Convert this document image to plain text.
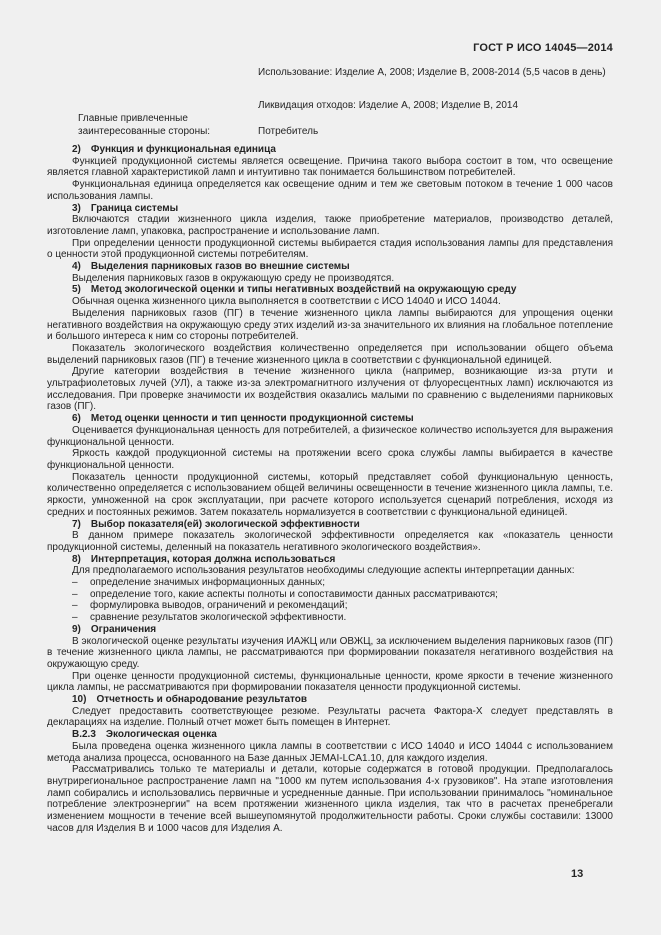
ГОСТ Р ИСО 14045—2014
Использование: Изделие А, 2008; Изделие В, 2008-2014 (5,5 часов в день)
Ликвидация отходов: Изделие А, 2008; Изделие В, 2014
Главные привлеченные заинтересованные стороны:	Потребитель
2) Функция и функциональная единица
Функцией продукционной системы является освещение. Причина такого выбора состоит в том, что освещение является главной характеристикой ламп и интуитивно так понимается большинством потребителей.
Функциональная единица определяется как освещение одним и тем же световым потоком в течение 1 000 часов использования лампы.
3) Граница системы
Включаются стадии жизненного цикла изделия, также приобретение материалов, производство деталей, изготовление ламп, упаковка, распространение и использование ламп.
При определении ценности продукционной системы выбирается стадия использования лампы для представления о ценности этой продукционной системы потребителям.
4) Выделения парниковых газов во внешние системы
Выделения парниковых газов в окружающую среду не производятся.
5) Метод экологической оценки и типы негативных воздействий на окружающую среду
Обычная оценка жизненного цикла выполняется в соответствии с ИСО 14040 и ИСО 14044.
Выделения парниковых газов (ПГ) в течение жизненного цикла лампы выбираются для упрощения оценки негативного воздействия на окружающую среду этих изделий из-за значительного их влияния на глобальное потепление и большого интереса к ним со стороны потребителей.
Показатель экологического воздействия количественно определяется при использовании общего объема выделений парниковых газов (ПГ) в течение жизненного цикла в соответствии с функциональной единицей.
Другие категории воздействия в течение жизненного цикла (например, возникающие из-за ртути и ультрафиолетовых лучей (УЛ), а также из-за электромагнитного излучения от флуоресцентных ламп) исключаются из исследования. При проверке значимости их воздействия оказались малыми по сравнению с выделениями парниковых газов (ПГ).
6) Метод оценки ценности и тип ценности продукционной системы
Оценивается функциональная ценность для потребителей, а физическое количество используется для выражения функциональной ценности.
Яркость каждой продукционной системы на протяжении всего срока службы лампы выбирается в качестве функциональной ценности.
Показатель ценности продукционной системы, который представляет собой функциональную ценность, количественно определяется с использованием общей величины освещенности в течение жизненного цикла лампы, т.е. яркости, умноженной на срок эксплуатации, при расчете которого используется сценарий потребления, исходя из средних и постоянных режимов. Затем показатель нормализуется в соответствии с функциональной единицей.
7) Выбор показателя(ей) экологической эффективности
В данном примере показатель экологической эффективности определяется как «показатель ценности продукционной системы, деленный на показатель негативного экологического воздействия».
8) Интерпретация, которая должна использоваться
Для предполагаемого использования результатов необходимы следующие аспекты интерпретации данных:
– определение значимых информационных данных;
– определение того, какие аспекты полноты и сопоставимости данных рассматриваются;
– формулировка выводов, ограничений и рекомендаций;
– сравнение результатов экологической эффективности.
9) Ограничения
В экологической оценке результаты изучения ИАЖЦ или ОВЖЦ, за исключением выделения парниковых газов (ПГ) в течение жизненного цикла лампы, не рассматриваются при формировании показателя негативного воздействия на окружающую среду.
При оценке ценности продукционной системы, функциональные ценности, кроме яркости в течение жизненного цикла лампы, не рассматриваются при формировании показателя ценности продукционной системы.
10) Отчетность и обнародование результатов
Следует предоставить соответствующее резюме. Результаты расчета Фактора-X следует представлять в декларациях на изделие. Полный отчет может быть помещен в Интернет.
В.2.3 Экологическая оценка
Была проведена оценка жизненного цикла лампы в соответствии с ИСО 14040 и ИСО 14044 с использованием метода анализа процесса, основанного на Базе данных JEMAI-LCA1.10, для каждого изделия.
Рассматривались только те материалы и детали, которые содержатся в готовой продукции. Предполагалось внутрирегиональное распространение ламп на "1000 км путем использования 4-х грузовиков". На этапе изготовления ламп собирались и использовались первичные и усредненные данные. При использовании принималось "номинальное потребление электроэнергии" на всем протяжении жизненного цикла изделия, так что в расчетах пренебрегали изменением мощности в течение всей вышеупомянутой продолжительности работы. Сроки службы составили: 13000 часов для Изделия В и 1000 часов для Изделия А.
13
